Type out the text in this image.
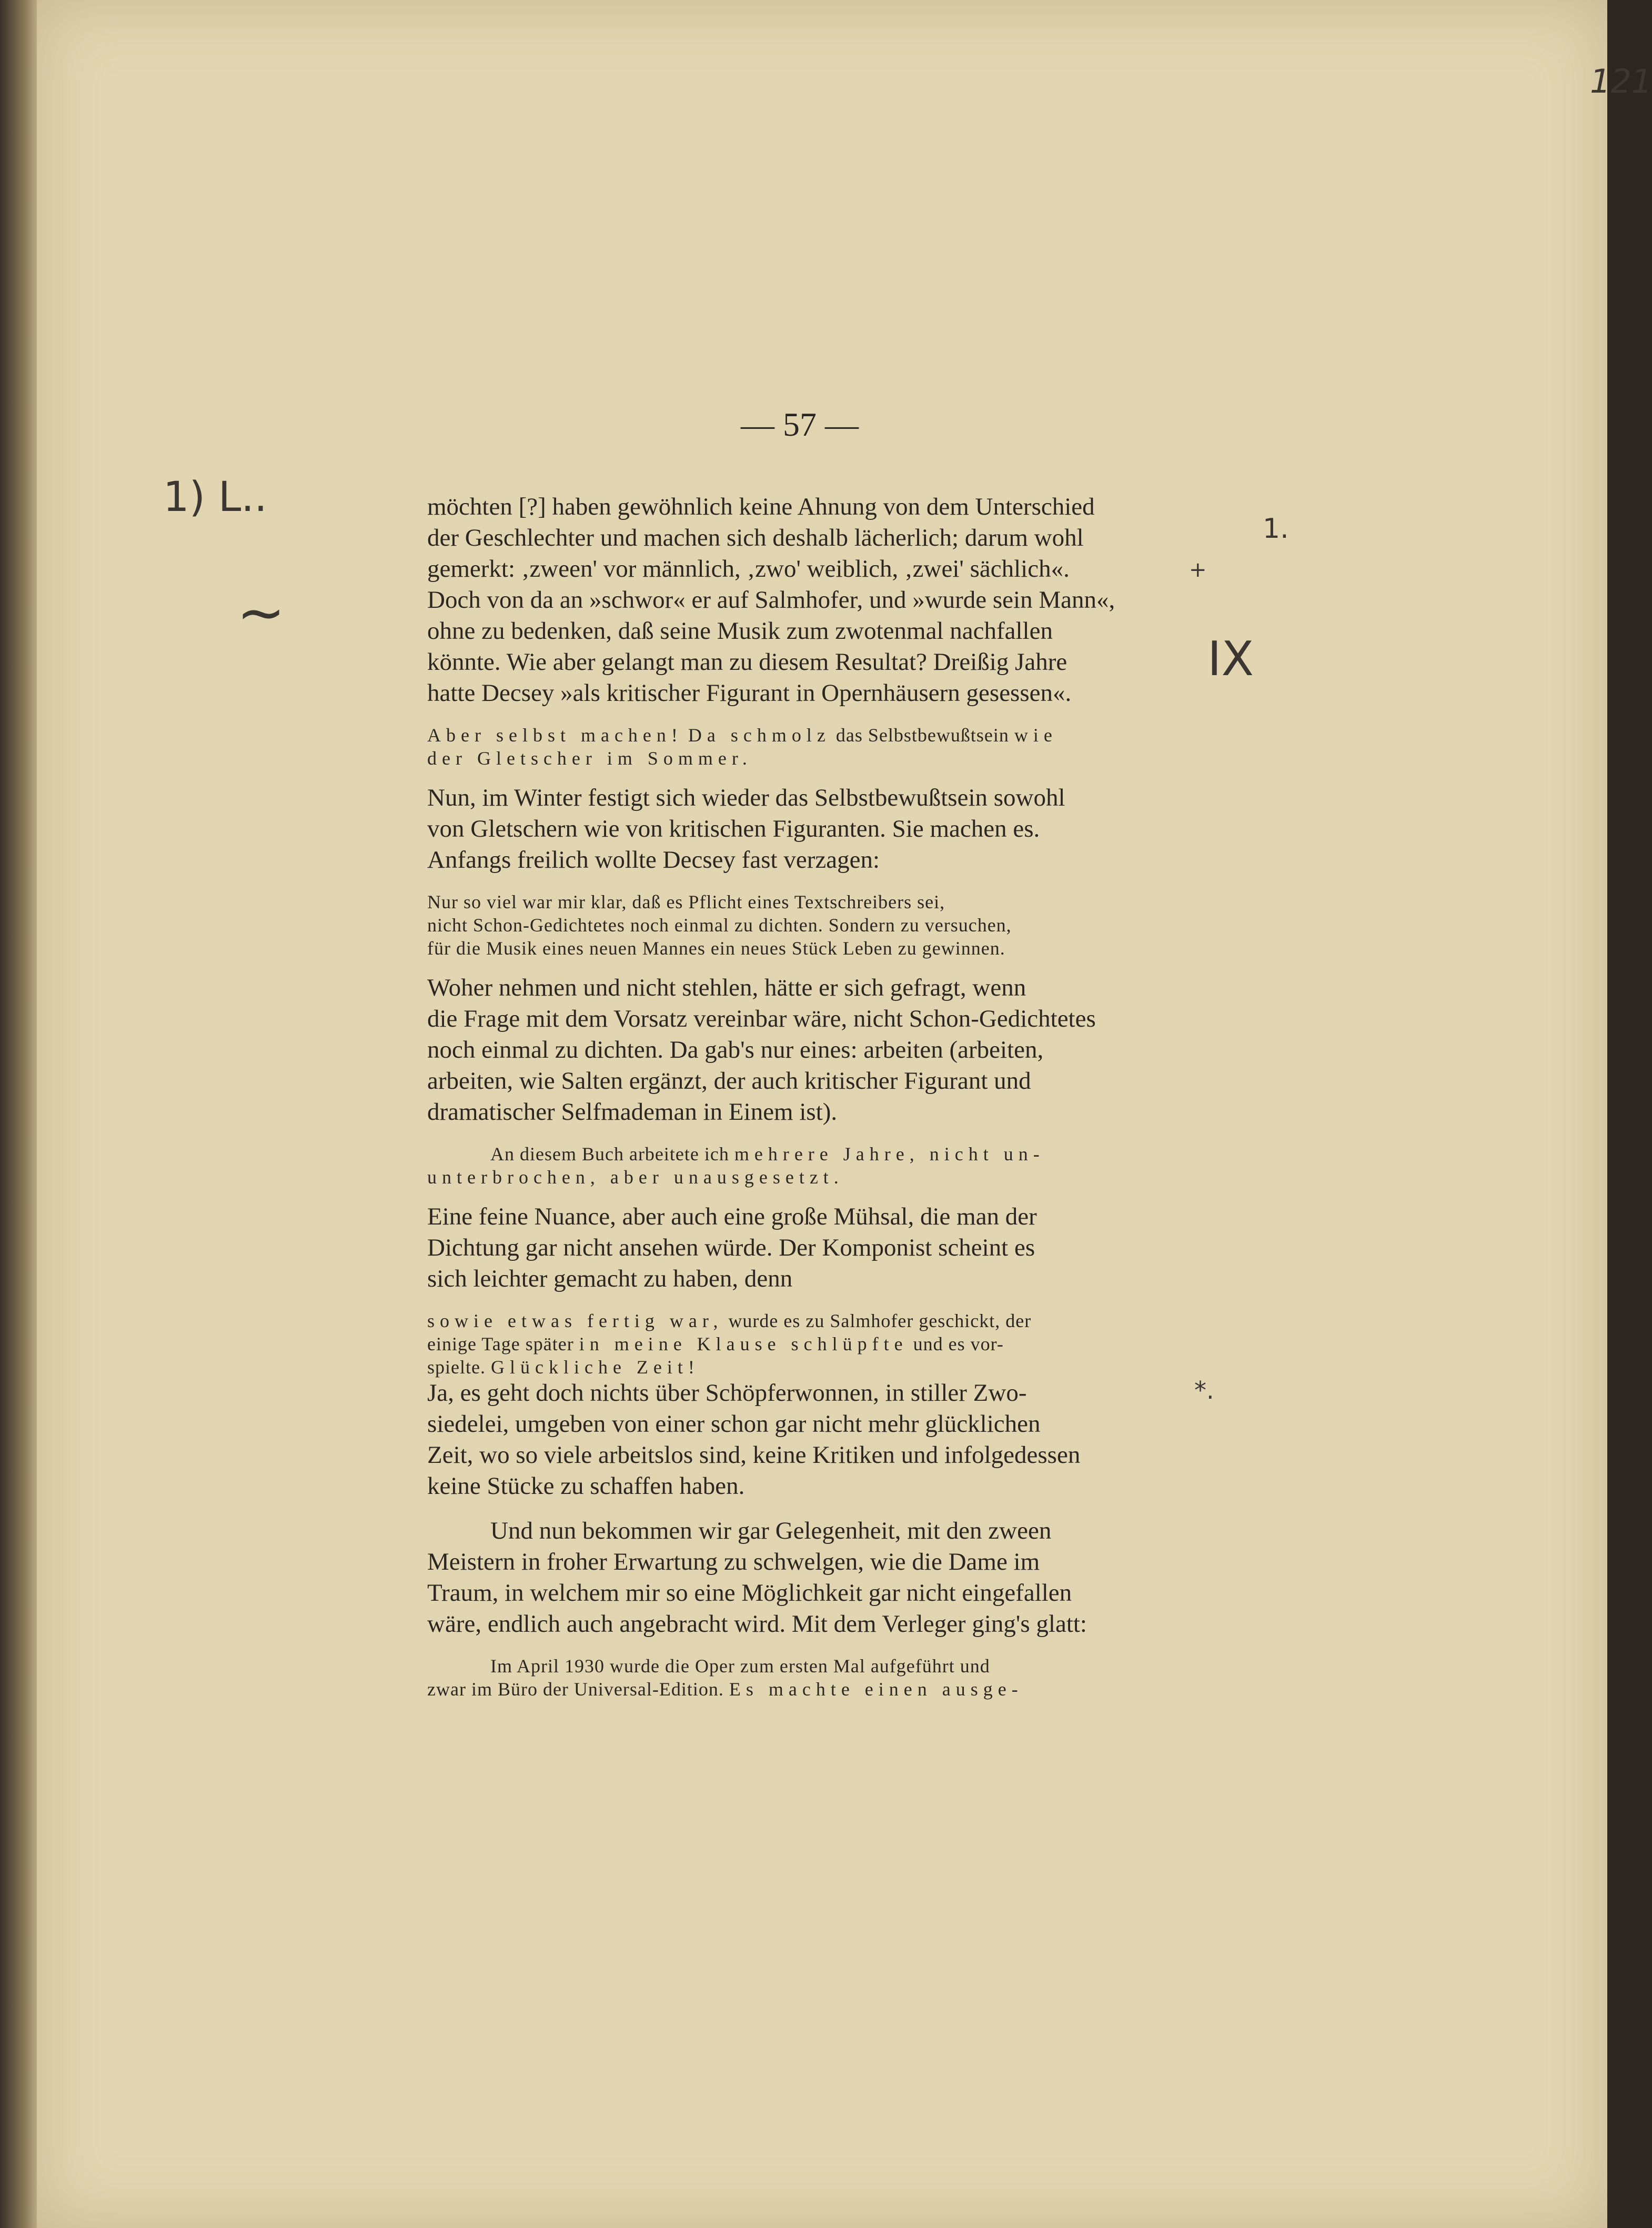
121
— 57 —
1) L..
~
1.
+
IX
*.
möchten [?] haben gewöhnlich keine Ahnung von dem Unterschied
der Geschlechter und machen sich deshalb lächerlich; darum wohl
gemerkt: ‚zween' vor männlich, ‚zwo' weiblich, ‚zwei' sächlich«.
Doch von da an »schwor« er auf Salmhofer, und »wurde sein Mann«,
ohne zu bedenken, daß seine Musik zum zwotenmal nachfallen
könnte. Wie aber gelangt man zu diesem Resultat? Dreißig Jahre
hatte Decsey »als kritischer Figurant in Opernhäusern gesessen«.
Aber selbst machen! Da schmolz das Selbstbewußtsein wie
der Gletscher im Sommer.
Nun, im Winter festigt sich wieder das Selbstbewußtsein sowohl
von Gletschern wie von kritischen Figuranten. Sie machen es.
Anfangs freilich wollte Decsey fast verzagen:
Nur so viel war mir klar, daß es Pflicht eines Textschreibers sei,
nicht Schon-Gedichtetes noch einmal zu dichten. Sondern zu versuchen,
für die Musik eines neuen Mannes ein neues Stück Leben zu gewinnen.
Woher nehmen und nicht stehlen, hätte er sich gefragt, wenn
die Frage mit dem Vorsatz vereinbar wäre, nicht Schon-Gedichtetes
noch einmal zu dichten. Da gab's nur eines: arbeiten (arbeiten,
arbeiten, wie Salten ergänzt, der auch kritischer Figurant und
dramatischer Selfmademan in Einem ist).
An diesem Buch arbeitete ich mehrere Jahre, nicht un-
unterbrochen, aber unausgesetzt.
Eine feine Nuance, aber auch eine große Mühsal, die man der
Dichtung gar nicht ansehen würde. Der Komponist scheint es
sich leichter gemacht zu haben, denn
sowie etwas fertig war, wurde es zu Salmhofer geschickt, der
einige Tage später in meine Klause schlüpfte und es vor-
spielte. Glückliche Zeit!
Ja, es geht doch nichts über Schöpferwonnen, in stiller Zwo-
siedelei, umgeben von einer schon gar nicht mehr glücklichen
Zeit, wo so viele arbeitslos sind, keine Kritiken und infolgedessen
keine Stücke zu schaffen haben.
Und nun bekommen wir gar Gelegenheit, mit den zween
Meistern in froher Erwartung zu schwelgen, wie die Dame im
Traum, in welchem mir so eine Möglichkeit gar nicht eingefallen
wäre, endlich auch angebracht wird. Mit dem Verleger ging's glatt:
Im April 1930 wurde die Oper zum ersten Mal aufgeführt und
zwar im Büro der Universal-Edition. Es machte einen ausge-
